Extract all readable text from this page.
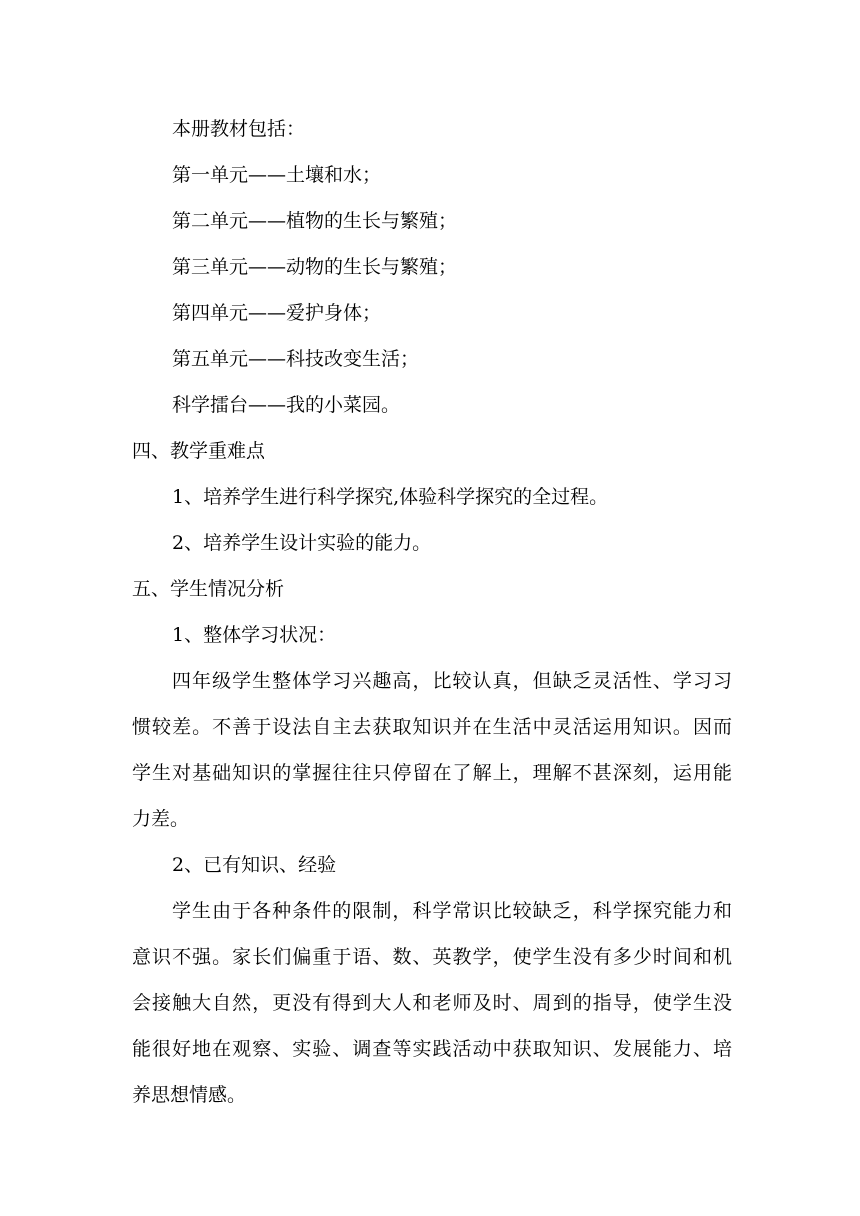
本册教材包括：
第一单元——土壤和水；
第二单元——植物的生长与繁殖；
第三单元——动物的生长与繁殖；
第四单元——爱护身体；
第五单元——科技改变生活；
科学擂台——我的小菜园。
四、教学重难点
1、培养学生进行科学探究,体验科学探究的全过程。
2、培养学生设计实验的能力。
五、学生情况分析
1、整体学习状况：
四年级学生整体学习兴趣高，比较认真，但缺乏灵活性、学习习
惯较差。不善于设法自主去获取知识并在生活中灵活运用知识。因而
学生对基础知识的掌握往往只停留在了解上，理解不甚深刻，运用能
力差。
2、已有知识、经验
学生由于各种条件的限制，科学常识比较缺乏，科学探究能力和
意识不强。家长们偏重于语、数、英教学，使学生没有多少时间和机
会接触大自然，更没有得到大人和老师及时、周到的指导，使学生没
能很好地在观察、实验、调查等实践活动中获取知识、发展能力、培
养思想情感。
